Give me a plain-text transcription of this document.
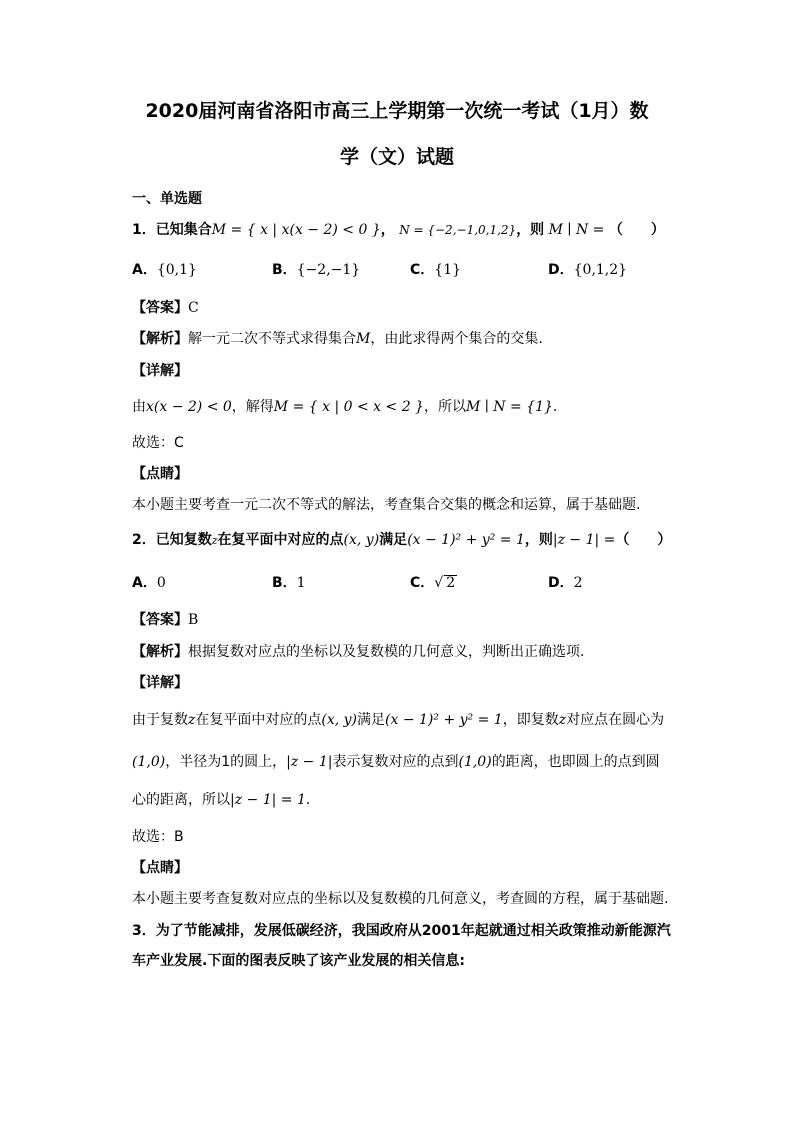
2020届河南省洛阳市高三上学期第一次统一考试（1月）数
学（文）试题
一、单选题
1．已知集合M = { x | x(x − 2) < 0 }， N = {−2,−1,0,1,2}，则 M ∣ N = （　　）
A．{0,1}	B．{−2,−1}	C．{1}	D．{0,1,2}
【答案】C
【解析】解一元二次不等式求得集合M，由此求得两个集合的交集.
【详解】
由x(x − 2) < 0，解得M = { x | 0 < x < 2 }，所以M ∣ N = {1}.
故选：C
【点睛】
本小题主要考查一元二次不等式的解法，考查集合交集的概念和运算，属于基础题.
2．已知复数z在复平面中对应的点(x, y)满足(x − 1)² + y² = 1，则|z − 1| =（　　）
A．0	B．1	C．√ 2	D．2
【答案】B
【解析】根据复数对应点的坐标以及复数模的几何意义，判断出正确选项.
【详解】
由于复数z在复平面中对应的点(x, y)满足(x − 1)² + y² = 1，即复数z对应点在圆心为
(1,0)，半径为1的圆上，|z − 1|表示复数对应的点到(1,0)的距离，也即圆上的点到圆
心的距离，所以|z − 1| = 1.
故选：B
【点睛】
本小题主要考查复数对应点的坐标以及复数模的几何意义，考查圆的方程，属于基础题.
3．为了节能减排，发展低碳经济，我国政府从2001年起就通过相关政策推动新能源汽
车产业发展.下面的图表反映了该产业发展的相关信息:
